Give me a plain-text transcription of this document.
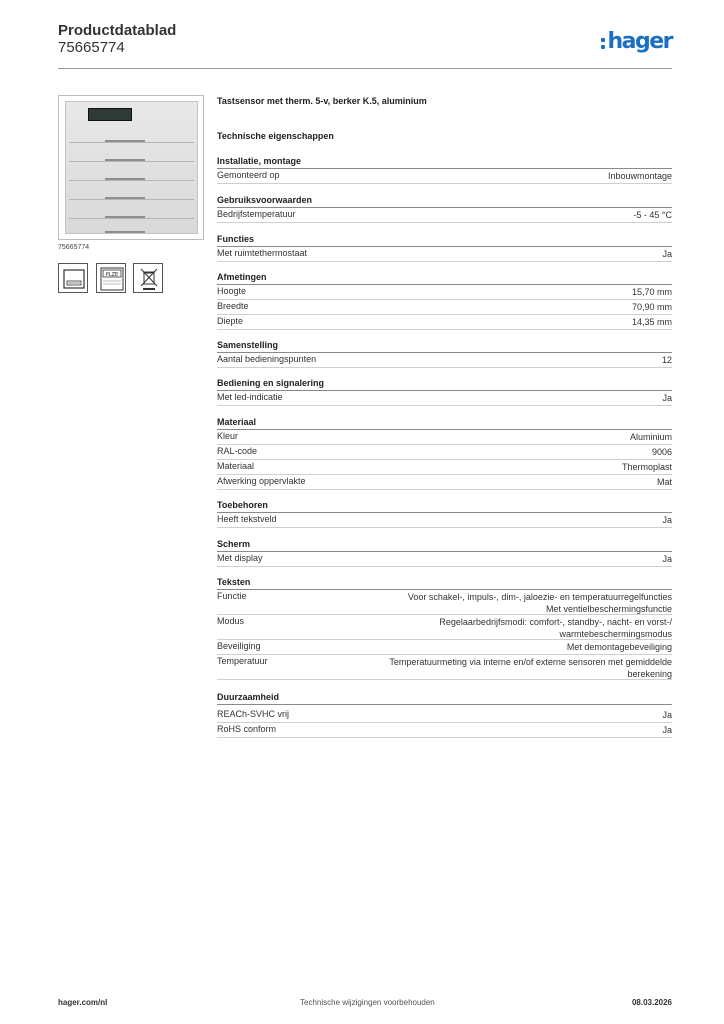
Productdatablad
75665774	hager
75665774
PLZE
Tastsensor met therm. 5-v, berker K.5, aluminium
Technische eigenschappen
Installatie, montage
Gemonteerd op	Inbouwmontage
Gebruiksvoorwaarden
Bedrijfstemperatuur	-5 - 45 °C
Functies
Met ruimtethermostaat	Ja
Afmetingen
Hoogte	15,70 mm
Breedte	70,90 mm
Diepte	14,35 mm
Samenstelling
Aantal bedieningspunten	12
Bediening en signalering
Met led-indicatie	Ja
Materiaal
Kleur	Aluminium
RAL-code	9006
Materiaal	Thermoplast
Afwerking oppervlakte	Mat
Toebehoren
Heeft tekstveld	Ja
Scherm
Met display	Ja
Teksten
Functie	Voor schakel-, impuls-, dim-, jaloezie- en temperatuurregelfuncties
Met ventielbeschermingsfunctie
Modus	Regelaarbedrijfsmodi: comfort-, standby-, nacht- en vorst-/
warmtebeschermingsmodus
Beveiliging	Met demontagebeveiliging
Temperatuur	Temperatuurmeting via interne en/of externe sensoren met gemiddelde
berekening
Duurzaamheid
REACh-SVHC vrij	Ja
RoHS conform	Ja
hager.com/nl	Technische wijzigingen voorbehouden	08.03.2026
